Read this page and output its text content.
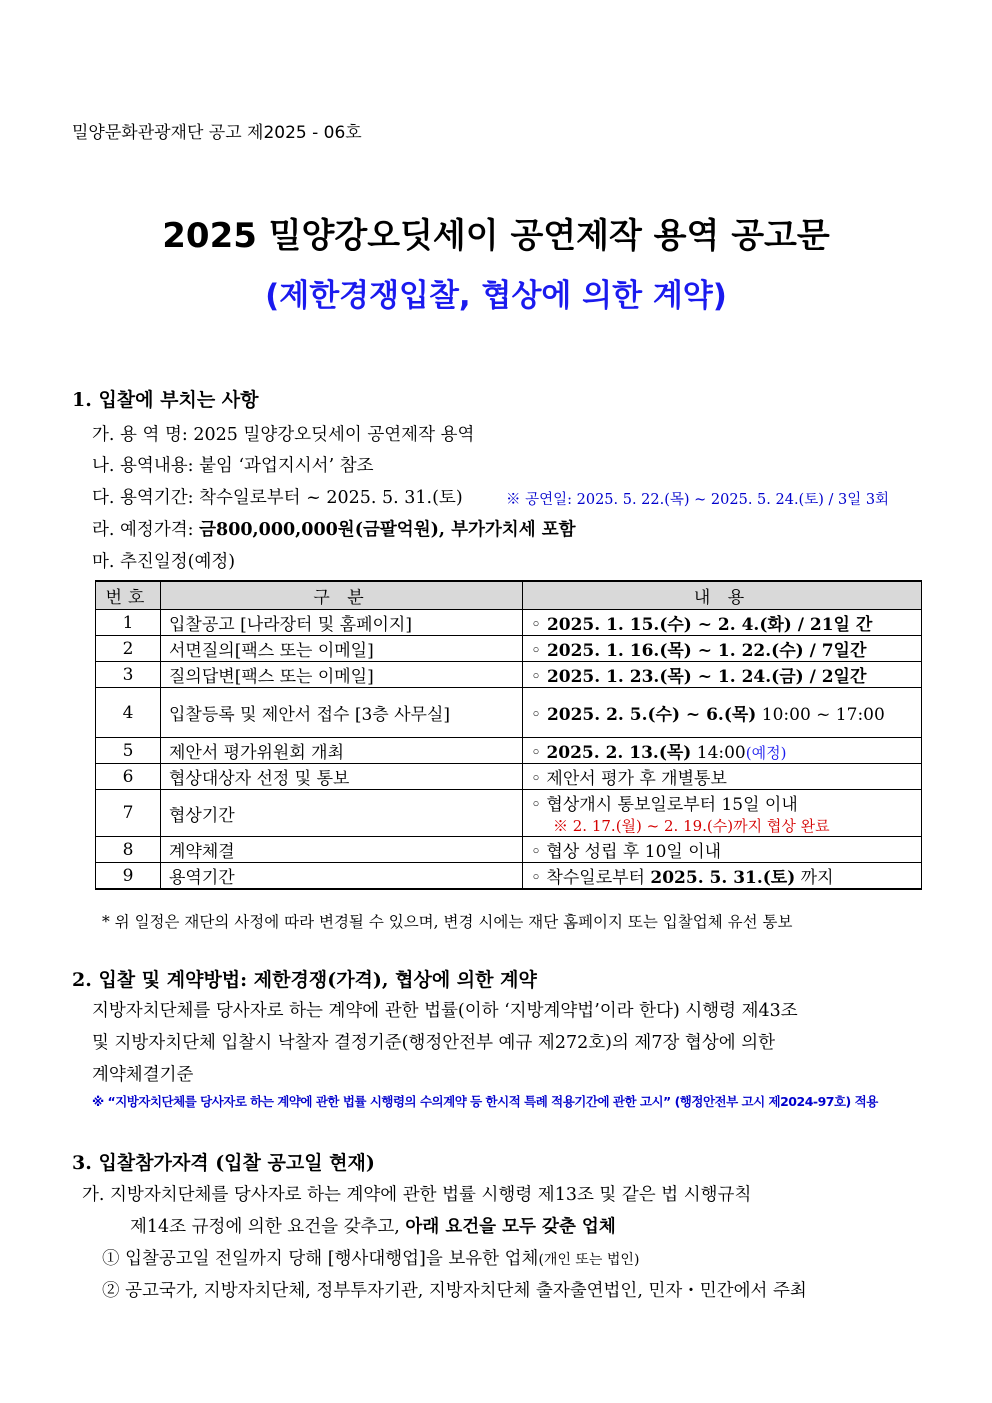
밀양문화관광재단 공고 제2025 - 06호
2025 밀양강오딧세이 공연제작 용역 공고문
(제한경쟁입찰, 협상에 의한 계약)
1. 입찰에 부치는 사항
가. 용 역 명: 2025 밀양강오딧세이 공연제작 용역
나. 용역내용: 붙임 ‘과업지시서’ 참조
다. 용역기간: 착수일로부터 ~ 2025. 5. 31.(토)	※ 공연일: 2025. 5. 22.(목) ~ 2025. 5. 24.(토) / 3일 3회
라. 예정가격: 금800,000,000원(금팔억원), 부가가치세 포함
마. 추진일정(예정)
번호	구 분	내 용
1	입찰공고 [나라장터 및 홈페이지]	◦ 2025. 1. 15.(수) ~ 2. 4.(화) / 21일 간
2	서면질의[팩스 또는 이메일]	◦ 2025. 1. 16.(목) ~ 1. 22.(수) / 7일간
3	질의답변[팩스 또는 이메일]	◦ 2025. 1. 23.(목) ~ 1. 24.(금) / 2일간
4	입찰등록 및 제안서 접수 [3층 사무실]	◦ 2025. 2. 5.(수) ~ 6.(목) 10:00 ~ 17:00
5	제안서 평가위원회 개최	◦ 2025. 2. 13.(목) 14:00(예정)
6	협상대상자 선정 및 통보	◦ 제안서 평가 후 개별통보
7	협상기간	◦ 협상개시 통보일로부터 15일 이내
※ 2. 17.(월) ~ 2. 19.(수)까지 협상 완료

8	계약체결	◦ 협상 성립 후 10일 이내
9	용역기간	◦ 착수일로부터 2025. 5. 31.(토) 까지
* 위 일정은 재단의 사정에 따라 변경될 수 있으며, 변경 시에는 재단 홈페이지 또는 입찰업체 유선 통보
2. 입찰 및 계약방법: 제한경쟁(가격), 협상에 의한 계약
지방자치단체를 당사자로 하는 계약에 관한 법률(이하 ‘지방계약법’이라 한다) 시행령 제43조
및 지방자치단체 입찰시 낙찰자 결정기준(행정안전부 예규 제272호)의 제7장 협상에 의한
계약체결기준
※ “지방자치단체를 당사자로 하는 계약에 관한 법률 시행령의 수의계약 등 한시적 특례 적용기간에 관한 고시” (행정안전부 고시 제2024-97호) 적용
3. 입찰참가자격 (입찰 공고일 현재)
가. 지방자치단체를 당사자로 하는 계약에 관한 법률 시행령 제13조 및 같은 법 시행규칙
제14조 규정에 의한 요건을 갖추고, 아래 요건을 모두 갖춘 업체
① 입찰공고일 전일까지 당해 [행사대행업]을 보유한 업체(개인 또는 법인)
② 공고국가, 지방자치단체, 정부투자기관, 지방자치단체 출자출연법인, 민자・민간에서 주최
